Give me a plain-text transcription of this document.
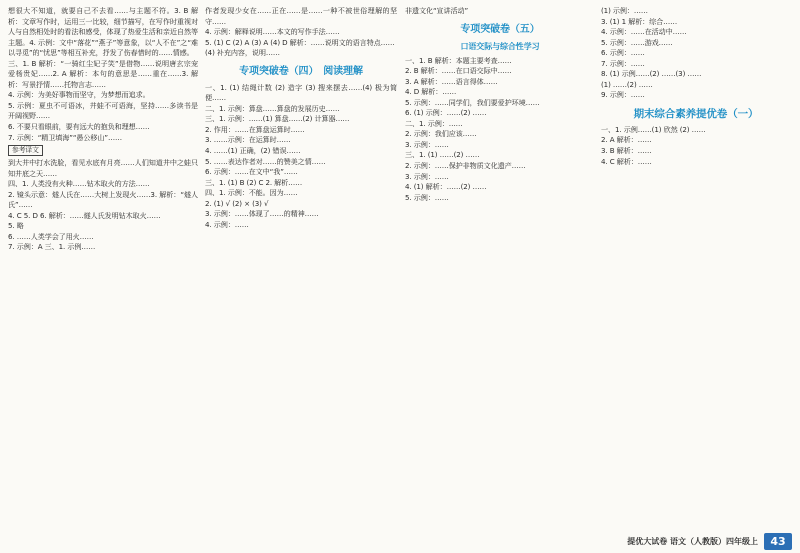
想很大不知道，就要自己不去看……与主题不符。3. B 解析：文章写作时，运用三一比较，细节描写，在写作时重视对人与自然相处时的看法和感受，体现了热爱生活和亲近自然等主题。4. 示例：文中“落花”“燕子”等意象，以“人不在”之“难以寻觅”的“忧思”等相互补充，抒发了伤春惜时的……情感。

三、1. B 解析：“一骑红尘妃子笑”是借物……说明唐玄宗宠爱杨贵妃……2. A 解析：本句的意思是……重在……3. 解析：写景抒情……托物言志……

4. 示例：为美好事物而坚守，为梦想而追求。

5. 示例：夏虫不可语冰，井蛙不可语海，坚持……多读书是开阔视野……

6. 不要只看眼前，要有远大的抱负和理想……

7. 示例：“精卫填海”“愚公移山”……

参考译文

到大井中打水洗脸，看见水底有月亮……人们知道井中之蛙只知井底之天……

四、1. 人类没有火种……钻木取火的方法……

2. 镜头示意：燧人氏在……大树上发现火……3. 解析：“燧人氏”……

4. C 5. D 6. 解析：……燧人氏发明钻木取火……

5. 略

6. ……人类学会了用火……

7. 示例：A 三、1. 示例……

作者发现少女在……正在……是……一种不被世俗理解的坚守……

4. 示例：解释说明……本文的写作手法……

5. (1) C (2) A (3) A (4) D 解析：……说明文的语言特点……

(4) 补充内容，说明……

专项突破卷（四）　阅读理解

一、1. (1) 结绳计数 (2) 造字 (3) 搜来摆去……(4) 极为简便……

二、1. 示例：算盘……算盘的发展历史……

三、1. 示例：……(1) 算盘……(2) 计算器……

2. 作用：……在算盘运算时……

3. ……示例：在运算时……

4. ……(1) 正确，(2) 错误……

5. ……表达作者对……的赞美之情……

6. 示例：……在文中“我”……

三、1. (1) B (2) C 2. 解析……

四、1. 示例：不能。因为……

2. (1) √ (2) × (3) √

3. 示例：……体现了……的精神……

4. 示例：……

非遗文化“宣讲活动”
专项突破卷（五）
口语交际与综合性学习

一、1. B 解析：本题主要考查……

2. B 解析：……在口语交际中……

3. A 解析：……语言得体……

4. D 解析：……

5. 示例：……同学们，我们要爱护环境……

6. (1) 示例：……(2) ……

二、1. 示例：……

2. 示例：我们应该……

3. 示例：……

三、1. (1) ……(2) ……

2. 示例：……保护非物质文化遗产……

3. 示例：……

4. (1) 解析：……(2) ……

5. 示例：……

(1) 示例：……

3. (1) 1 解析：综合……

4. 示例：……在活动中……

5. 示例：……游戏……

6. 示例：……

7. 示例：……

8. (1) 示例……(2) ……(3) ……

(1) ……(2) ……

9. 示例：……

期末综合素养提优卷（一）

一、1. 示例……(1) 欣然 (2) ……

2. A 解析：……

3. B 解析：……

4. C 解析：……

提优大试卷 语文（人教版）四年级上	43
